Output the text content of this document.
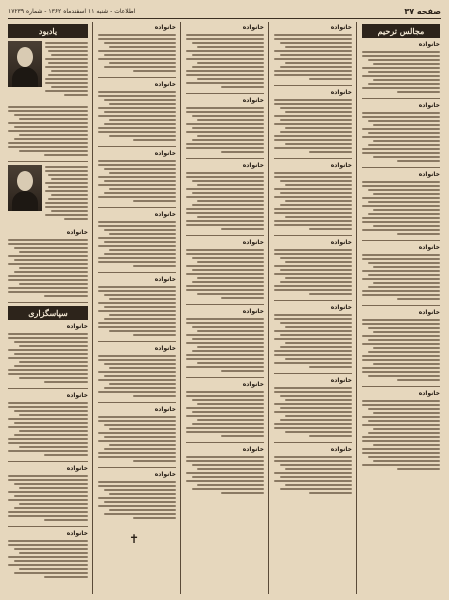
صفحه ۳۷
اطلاعات - شنبه ۱۱ اسفندماه ۱۳۶۲ - شماره ۱۷۲۳۹
مجالس ترحیم
خانواده
خانواده
خانواده
خانواده
خانواده
خانواده
خانواده
خانواده
خانواده
خانواده
خانواده
خانواده
خانواده
خانواده
خانواده
خانواده
خانواده
خانواده
خانواده
خانواده
خانواده
خانواده
خانواده
خانواده
خانواده
خانواده
خانواده
خانواده
یادبود
خانواده
سپاسگزاری
خانواده
خانواده
خانواده
خانواده	✝
